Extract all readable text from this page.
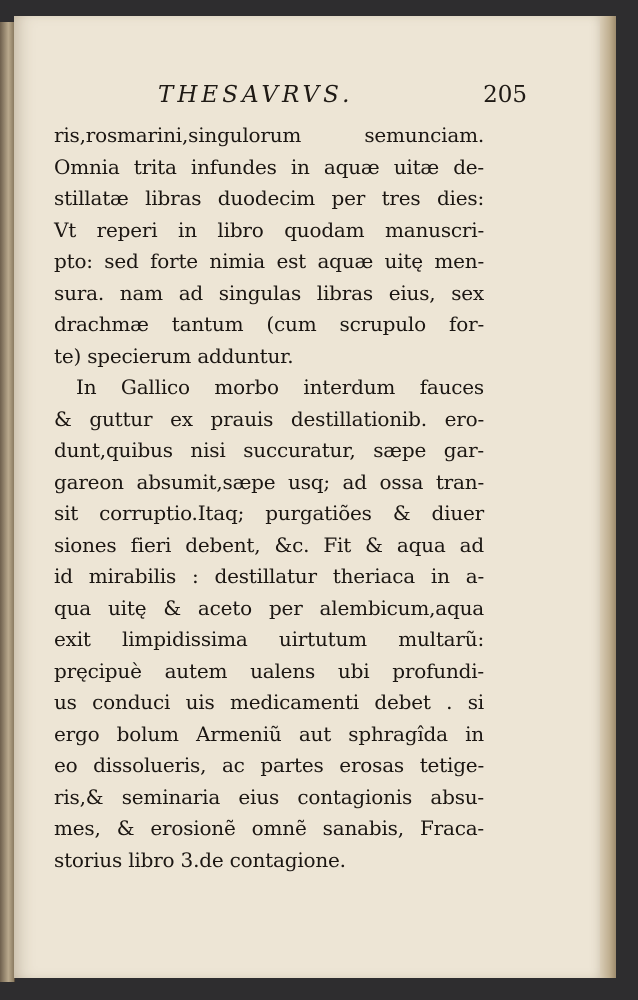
THESAVRVS.	205
ris,rosmarini,singulorum semunciam.
Omnia trita infundes in aquæ uitæ de-
stillatæ libras duodecim per tres dies:
Vt reperi in libro quodam manuscri-
pto: sed forte nimia est aquæ uitę men-
sura. nam ad singulas libras eius, sex
drachmæ tantum (cum scrupulo for-
te) specierum adduntur.
In Gallico morbo interdum fauces
& guttur ex prauis destillationib. ero-
dunt,quibus nisi succuratur, sæpe gar-
gareon absumit,sæpe usq; ad ossa tran-
sit corruptio.Itaq; purgatiões & diuer
siones fieri debent, &c. Fit & aqua ad
id mirabilis : destillatur theriaca in a-
qua uitę & aceto per alembicum,aqua
exit limpidissima uirtutum multarũ:
pręcipuè autem ualens ubi profundi-
us conduci uis medicamenti debet . si
ergo bolum Armeniũ aut sphragîda in
eo dissolueris, ac partes erosas tetige-
ris,& seminaria eius contagionis absu-
mes, & erosionẽ omnẽ sanabis, Fraca-
storius libro 3.de contagione.
